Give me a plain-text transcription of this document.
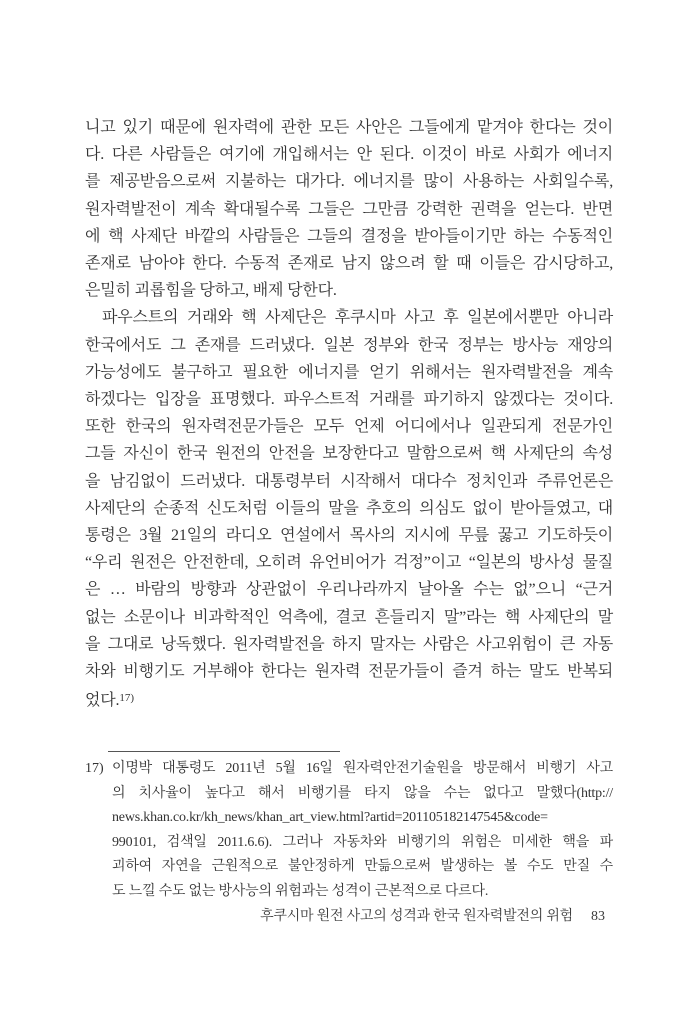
니고 있기 때문에 원자력에 관한 모든 사안은 그들에게 맡겨야 한다는 것이
다. 다른 사람들은 여기에 개입해서는 안 된다. 이것이 바로 사회가 에너지
를 제공받음으로써 지불하는 대가다. 에너지를 많이 사용하는 사회일수록,
원자력발전이 계속 확대될수록 그들은 그만큼 강력한 권력을 얻는다. 반면
에 핵 사제단 바깥의 사람들은 그들의 결정을 받아들이기만 하는 수동적인
존재로 남아야 한다. 수동적 존재로 남지 않으려 할 때 이들은 감시당하고,
은밀히 괴롭힘을 당하고, 배제 당한다.
파우스트의 거래와 핵 사제단은 후쿠시마 사고 후 일본에서뿐만 아니라
한국에서도 그 존재를 드러냈다. 일본 정부와 한국 정부는 방사능 재앙의
가능성에도 불구하고 필요한 에너지를 얻기 위해서는 원자력발전을 계속
하겠다는 입장을 표명했다. 파우스트적 거래를 파기하지 않겠다는 것이다.
또한 한국의 원자력전문가들은 모두 언제 어디에서나 일관되게 전문가인
그들 자신이 한국 원전의 안전을 보장한다고 말함으로써 핵 사제단의 속성
을 남김없이 드러냈다. 대통령부터 시작해서 대다수 정치인과 주류언론은
사제단의 순종적 신도처럼 이들의 말을 추호의 의심도 없이 받아들였고, 대
통령은 3월 21일의 라디오 연설에서 목사의 지시에 무릎 꿇고 기도하듯이
“우리 원전은 안전한데, 오히려 유언비어가 걱정”이고 “일본의 방사성 물질
은 … 바람의 방향과 상관없이 우리나라까지 날아올 수는 없”으니 “근거
없는 소문이나 비과학적인 억측에, 결코 흔들리지 말”라는 핵 사제단의 말
을 그대로 낭독했다. 원자력발전을 하지 말자는 사람은 사고위험이 큰 자동
차와 비행기도 거부해야 한다는 원자력 전문가들이 즐겨 하는 말도 반복되
었다.$^{17)}$
17) 이명박 대통령도 2011년 5월 16일 원자력안전기술원을 방문해서 비행기 사고
의 치사율이 높다고 해서 비행기를 타지 않을 수는 없다고 말했다(http://
news.khan.co.kr/kh_news/khan_art_view.html?artid=201105182147545&code=
990101, 검색일 2011.6.6). 그러나 자동차와 비행기의 위험은 미세한 핵을 파
괴하여 자연을 근원적으로 불안정하게 만듦으로써 발생하는 볼 수도 만질 수
도 느낄 수도 없는 방사능의 위험과는 성격이 근본적으로 다르다.
후쿠시마 원전 사고의 성격과 한국 원자력발전의 위험 83
